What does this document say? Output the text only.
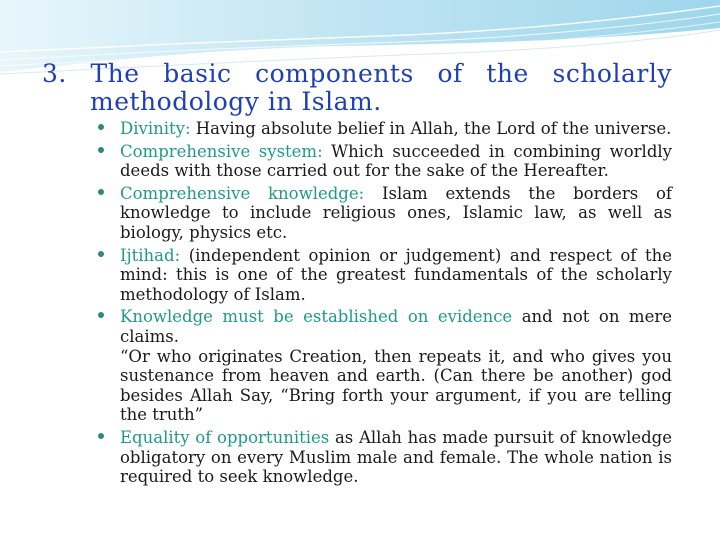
3. The basic components of the scholarly
methodology in Islam.
Divinity: Having absolute belief in Allah, the Lord of the universe.
Comprehensive system: Which succeeded in combining worldly deeds with those carried out for the sake of the Hereafter.
Comprehensive knowledge: Islam extends the borders of knowledge to include religious ones, Islamic law, as well as biology, physics etc.
Ijtihad: (independent opinion or judgement) and respect of the mind: this is one of the greatest fundamentals of the scholarly methodology of Islam.
Knowledge must be established on evidence and not on mere claims.
“Or who originates Creation, then repeats it, and who gives you sustenance from heaven and earth. (Can there be another) god besides Allah Say, “Bring forth your argument, if you are telling the truth”
Equality of opportunities as Allah has made pursuit of knowledge obligatory on every Muslim male and female. The whole nation is required to seek knowledge.
